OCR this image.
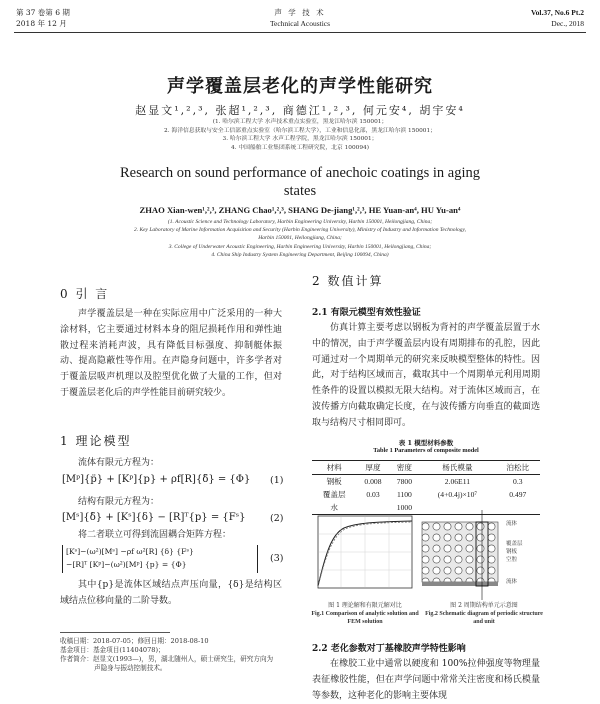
第 37 卷第 6 期
2018 年 12 月
声 学 技 术
Technical Acoustics
Vol.37, No.6 Pt.2
Dec., 2018
声学覆盖层老化的声学性能研究
赵显文¹,²,³, 张超¹,²,³, 商德江¹,²,³, 何元安⁴, 胡宇安⁴
(1. 哈尔滨工程大学 水声技术重点实验室，黑龙江哈尔滨 150001；
2. 海洋信息获取与安全工信部重点实验室（哈尔滨工程大学），工业和信息化部，黑龙江哈尔滨 150001；
3. 哈尔滨工程大学 水声工程学院，黑龙江哈尔滨 150001；
4. 中国船舶工业集团系统工程研究院，北京 100094)
Research on sound performance of anechoic coatings in aging
states
ZHAO Xian-wen¹,²,³, ZHANG Chao¹,²,³, SHANG De-jiang¹,²,³, HE Yuan-an⁴, HU Yu-an⁴
(1. Acoustic Science and Technology Laboratory, Harbin Engineering University, Harbin 150001, Heilongjiang, China;
2. Key Laboratory of Marine Information Acquisition and Security (Harbin Engineering University), Ministry of Industry and Information Technology,
Harbin 150001, Heilongjiang, China;
3. College of Underwater Acoustic Engineering, Harbin Engineering University, Harbin 150001, Heilongjiang, China;
4. China Ship Industry System Engineering Department, Beijing 100094, China)
0 引 言
声学覆盖层是一种在实际应用中广泛采用的一种大涂材料，它主要通过材料本身的阻尼损耗作用和弹性迪散过程来消耗声波，具有降低目标强度、抑制艇体振动、提高隐蔽性等作用。在声隐身问题中，许多学者对于覆盖层吸声机理以及腔型优化做了大量的工作，但对于覆盖层老化后的声学性能目前研究较少。
1 理论模型
流体有限元方程为：
[Mᵖ]{p̈} + [Kᵖ]{p} + ρf[R]{δ̈} = {Φ} (1)
结构有限元方程为：
[Mˢ]{δ̈} + [Kˢ]{δ} − [R]ᵀ{p} = {Fˢ}	(2)
将二者联立可得到流固耦合矩阵方程：
[Kˢ]−(ω²)[Mˢ] −ρf ω²[R] {δ} {Fˢ}
−[R]ᵀ [Kᵖ]−(ω²)[Mᵖ] {p} = {Φ}
(3)
其中{p}是流体区域结点声压向量，{δ}是结构区域结点位移向量的二阶导数。
收稿日期：2018-07-05；修回日期：2018-08-10
基金项目：基金项目(11404078)；
作者简介：赵显文(1993—)，男，湖北随州人，硕士研究生，研究方向为
声隐身与振动控制技术。
2 数值计算
2.1 有限元模型有效性验证
仿真计算主要考虑以钢板为背衬的声学覆盖层置于水中的情况，由于声学覆盖层内设有周期排布的孔腔，因此可通过对一个周期单元的研究来反映模型整体的特性。因此，对于结构区域而言，截取其中一个周期单元利用周期性条件的设置以模拟无限大结构。对于流体区域而言，在波传播方向截取确定长度，在与波传播方向垂直的截面选取与结构尺寸相同即可。
表 1 模型材料参数
Table 1 Parameters of composite model
材料	厚度	密度	杨氏模量	泊松比
钢板	0.008	7800	2.06E11	0.3
覆盖层	0.03	1100	(4+0.4j)×10⁷	0.497
水		1000		
流体
覆盖层
钢板
空腔
流体
图 1 理论解和有限元解对比
Fig.1 Comparison of analytic solution and FEM solution
图 2 周期结构单元示意图
Fig.2 Schematic diagram of periodic structure and unit
2.2 老化参数对丁基橡胶声学特性影响
在橡胶工业中通常以硬度和 100%拉伸强度等物理量表征橡胶性能，但在声学问题中常常关注密度和杨氏模量等参数，这种老化的影响主要体现
